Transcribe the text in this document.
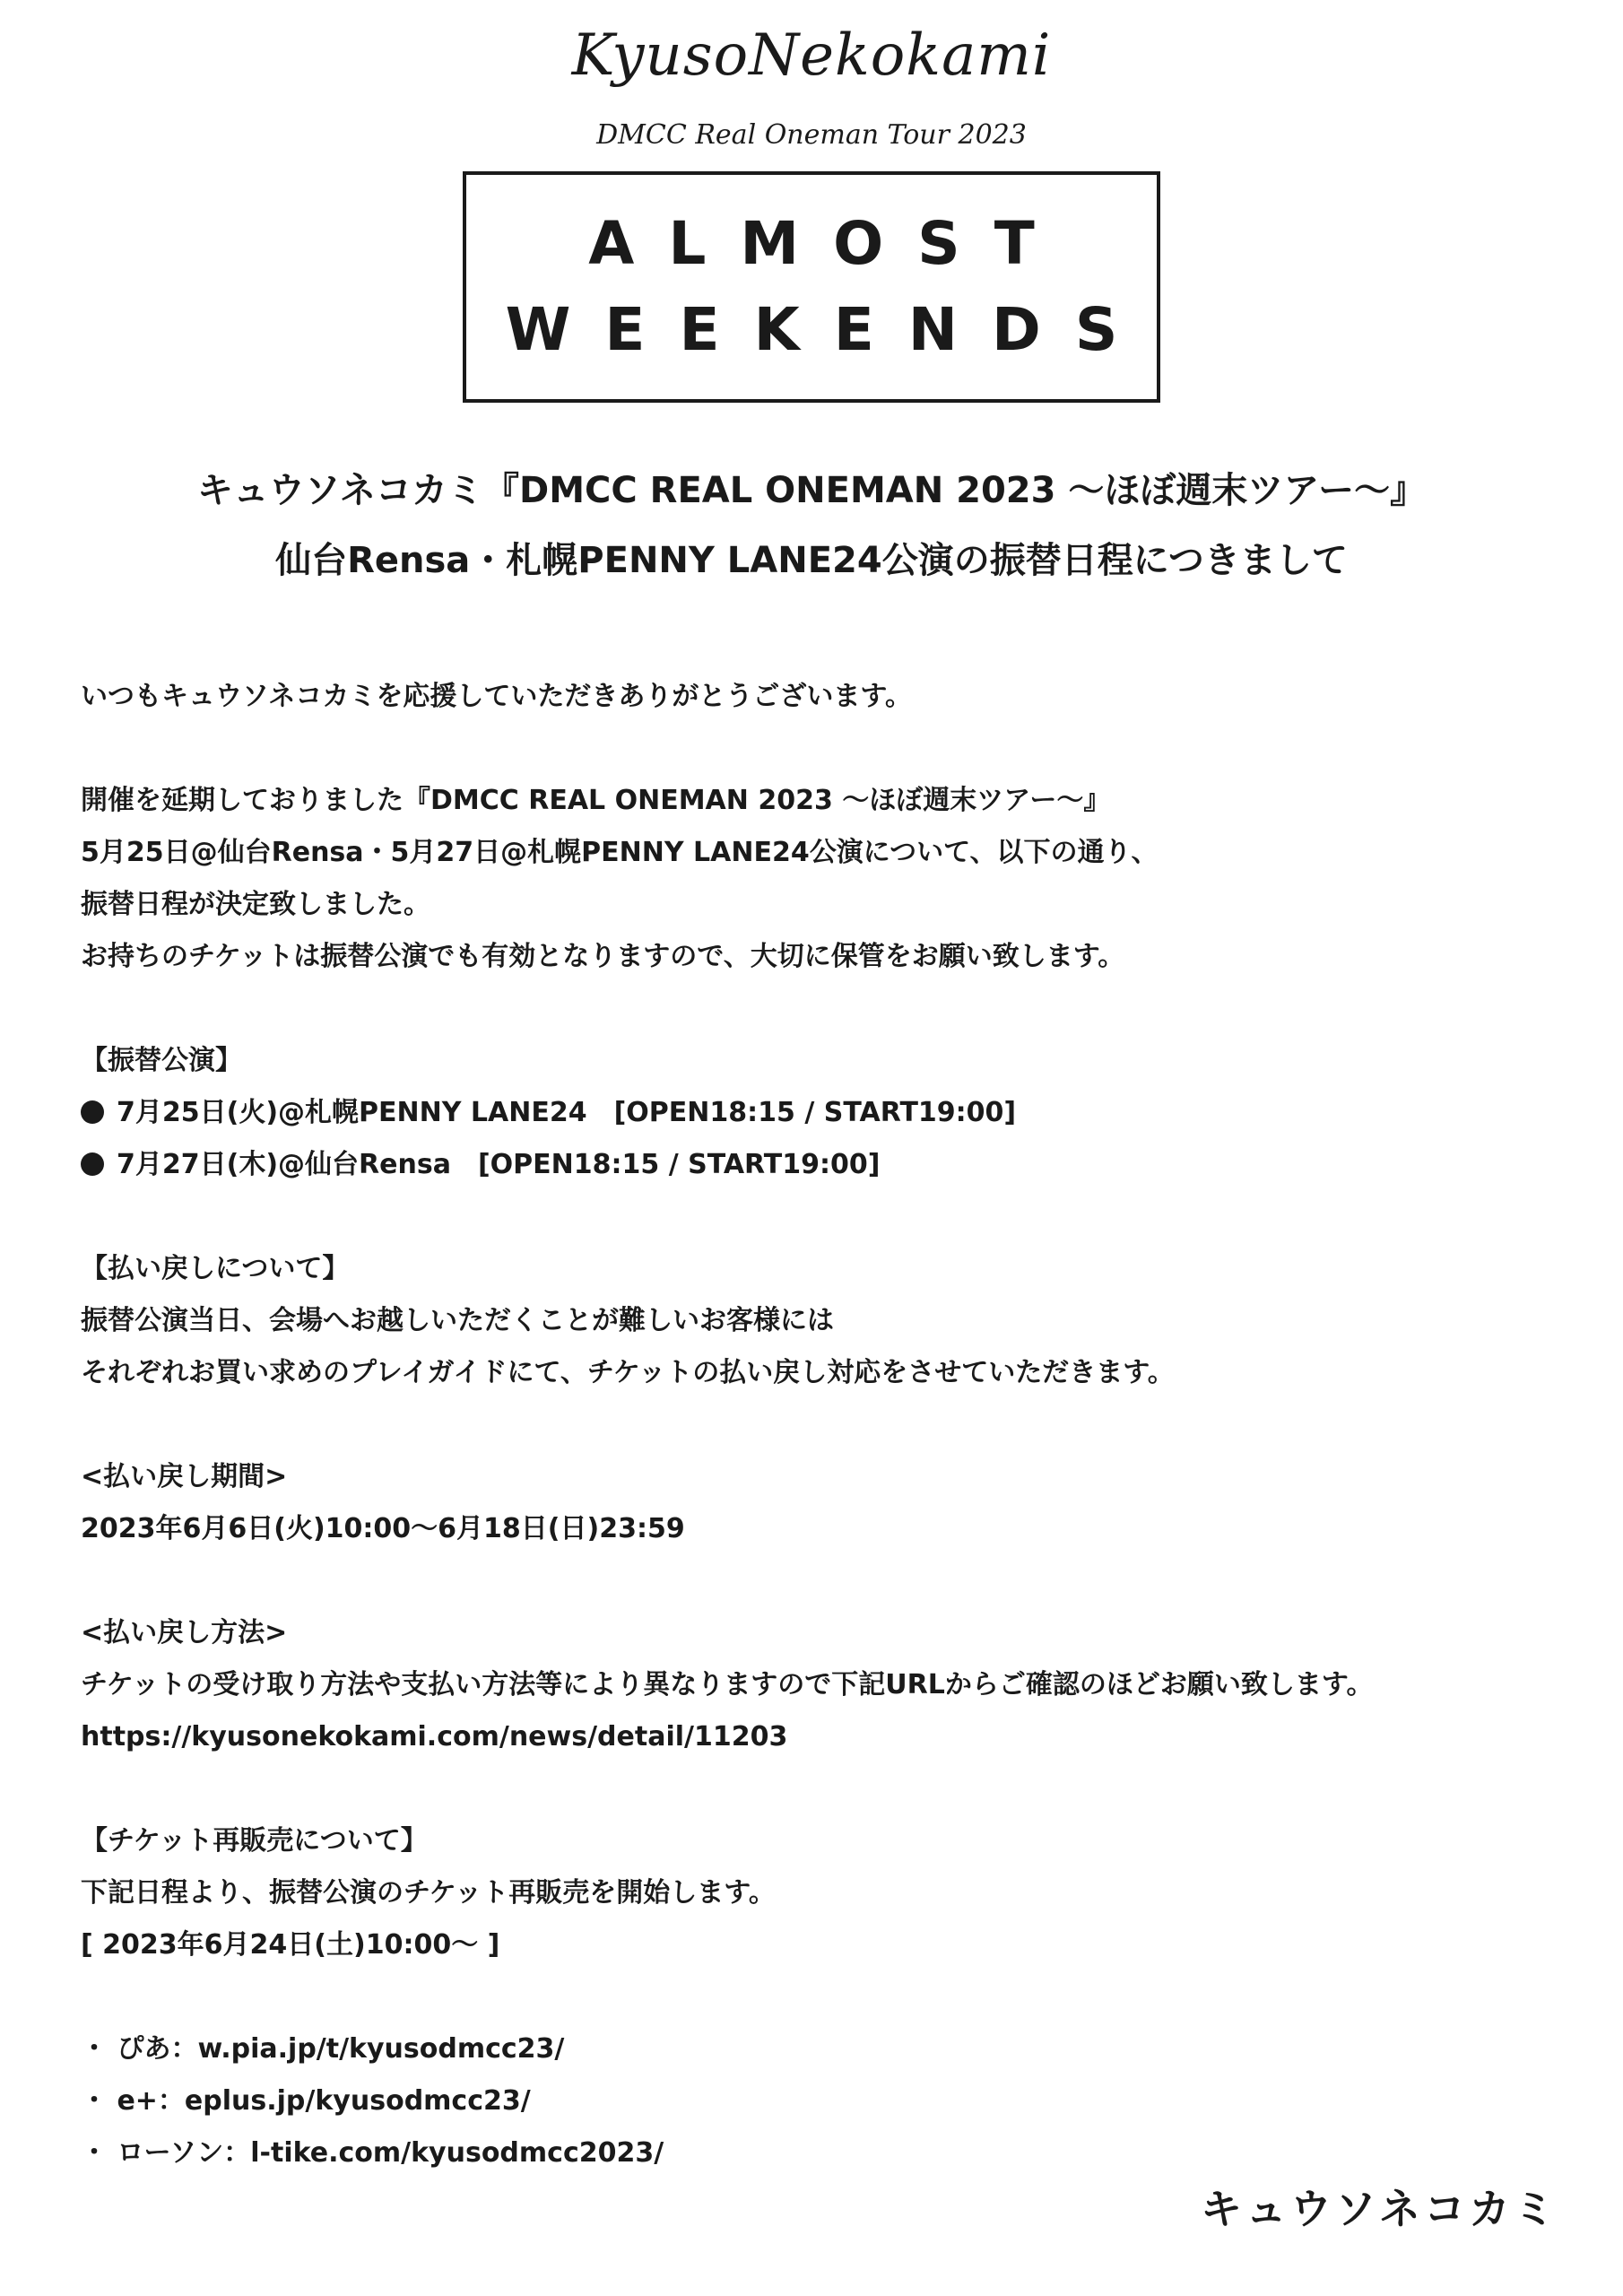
KyusoNekokami
DMCC Real Oneman Tour 2023
ALMOST
WEEKENDS
キュウソネコカミ『DMCC REAL ONEMAN 2023 〜ほぼ週末ツアー〜』
仙台Rensa・札幌PENNY LANE24公演の振替日程につきまして
いつもキュウソネコカミを応援していただきありがとうございます。
開催を延期しておりました『DMCC REAL ONEMAN 2023 〜ほぼ週末ツアー〜』
5月25日@仙台Rensa・5月27日@札幌PENNY LANE24公演について、以下の通り、
振替日程が決定致しました。
お持ちのチケットは振替公演でも有効となりますので、大切に保管をお願い致します。
【振替公演】
7月25日(火)@札幌PENNY LANE24　[OPEN18:15 / START19:00]
7月27日(木)@仙台Rensa　[OPEN18:15 / START19:00]
【払い戻しについて】
振替公演当日、会場へお越しいただくことが難しいお客様には
それぞれお買い求めのプレイガイドにて、チケットの払い戻し対応をさせていただきます。
<払い戻し期間>
2023年6月6日(火)10:00〜6月18日(日)23:59
<払い戻し方法>
チケットの受け取り方法や支払い方法等により異なりますので下記URLからご確認のほどお願い致します。
https://kyusonekokami.com/news/detail/11203
【チケット再販売について】
下記日程より、振替公演のチケット再販売を開始します。
[ 2023年6月24日(土)10:00〜 ]
・ ぴあ：w.pia.jp/t/kyusodmcc23/
・ e+：eplus.jp/kyusodmcc23/
・ ローソン：l-tike.com/kyusodmcc2023/
キュウソネコカミ
